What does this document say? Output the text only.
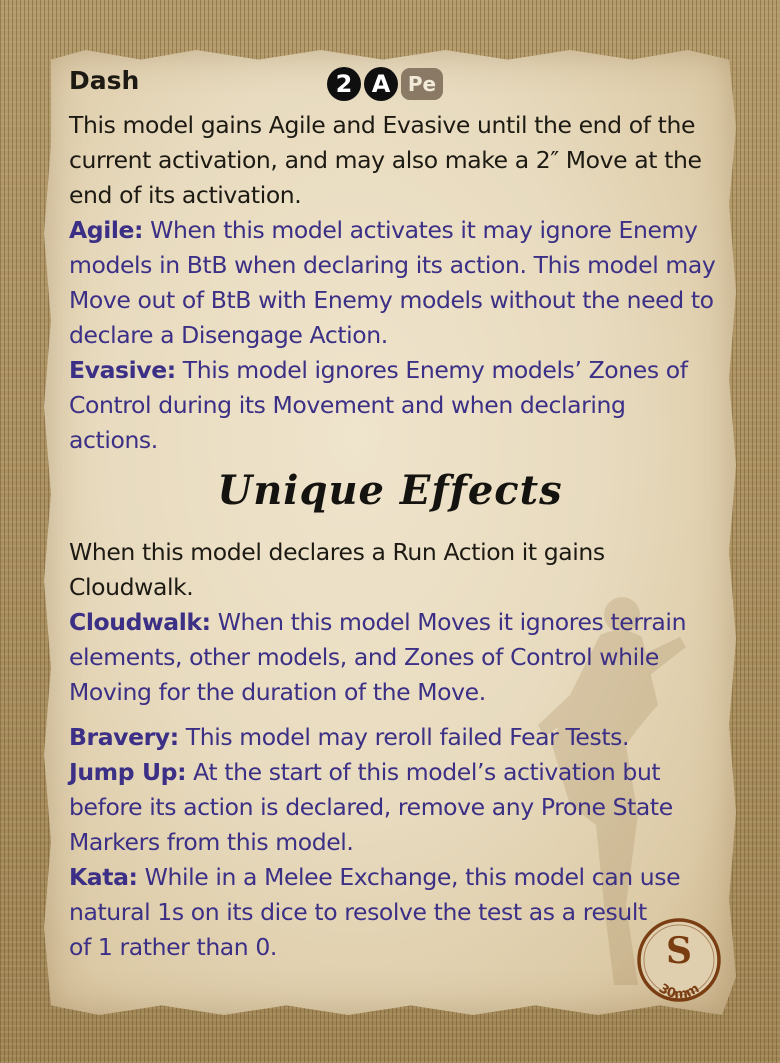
Dash	2 A Pe

This model gains Agile and Evasive until the end of the

current activation, and may also make a 2″ Move at the

end of its activation.

Agile: When this model activates it may ignore Enemy

models in BtB when declaring its action. This model may

Move out of BtB with Enemy models without the need to

declare a Disengage Action.

Evasive: This model ignores Enemy models’ Zones of

Control during its Movement and when declaring

actions.

Unique Effects

When this model declares a Run Action it gains

Cloudwalk.

Cloudwalk: When this model Moves it ignores terrain

elements, other models, and Zones of Control while

Moving for the duration of the Move.

Bravery: This model may reroll failed Fear Tests.

Jump Up: At the start of this model’s activation but

before its action is declared, remove any Prone State

Markers from this model.

Kata: While in a Melee Exchange, this model can use

natural 1s on its dice to resolve the test as a result

of 1 rather than 0.	S
30mm
